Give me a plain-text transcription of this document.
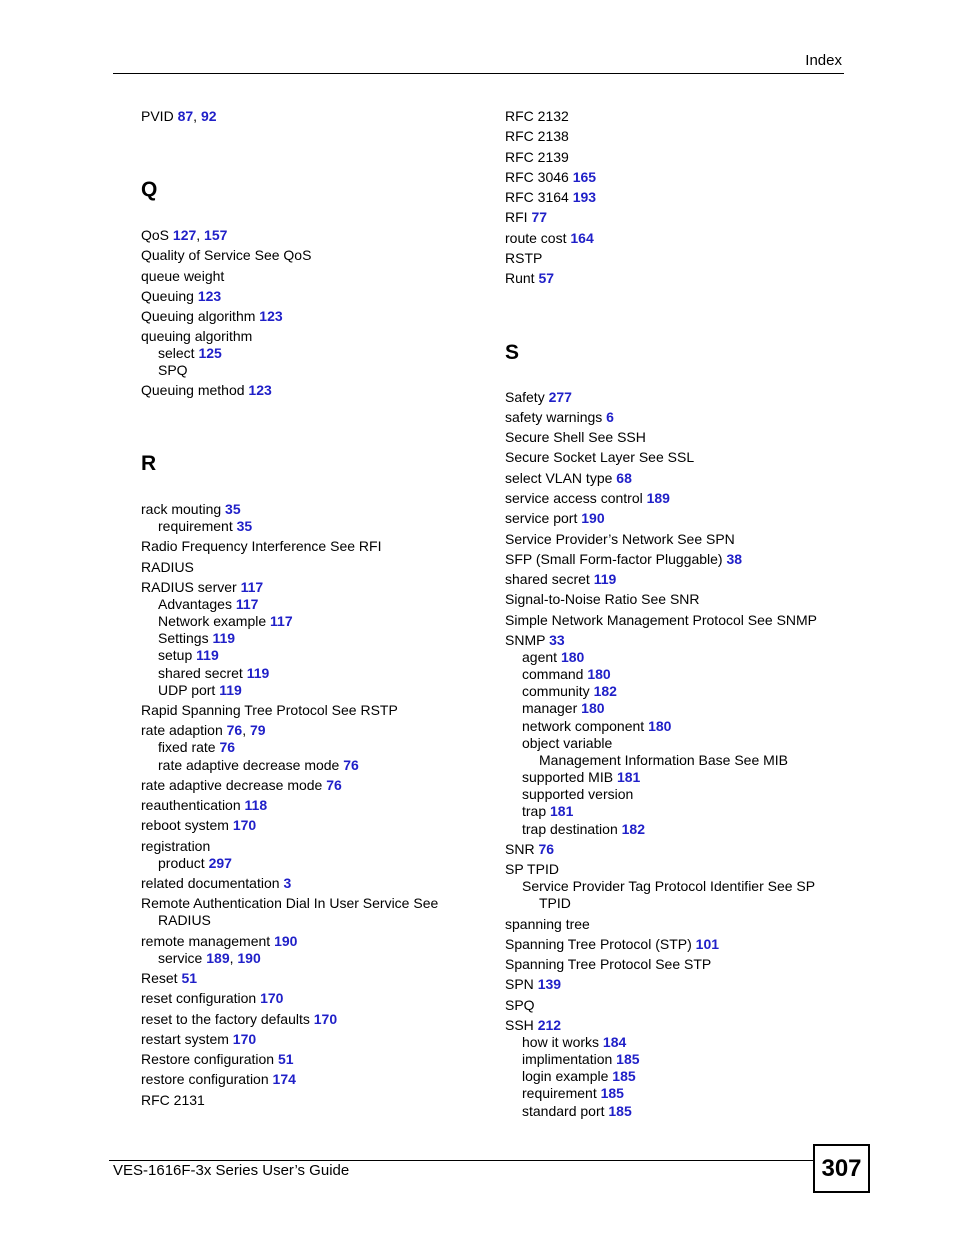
Index
PVID 87, 92
Q
QoS 127, 157
Quality of Service See QoS
queue weight
Queuing 123
Queuing algorithm 123
queuing algorithm
select 125
SPQ
Queuing method 123
R
rack mouting 35
requirement 35
Radio Frequency Interference See RFI
RADIUS
RADIUS server 117
Advantages 117
Network example 117
Settings 119
setup 119
shared secret 119
UDP port 119
Rapid Spanning Tree Protocol See RSTP
rate adaption 76, 79
fixed rate 76
rate adaptive decrease mode 76
rate adaptive decrease mode 76
reauthentication 118
reboot system 170
registration
product 297
related documentation 3
Remote Authentication Dial In User Service See
RADIUS
remote management 190
service 189, 190
Reset 51
reset configuration 170
reset to the factory defaults 170
restart system 170
Restore configuration 51
restore configuration 174
RFC 2131
RFC 2132
RFC 2138
RFC 2139
RFC 3046 165
RFC 3164 193
RFI 77
route cost 164
RSTP
Runt 57
S
Safety 277
safety warnings 6
Secure Shell See SSH
Secure Socket Layer See SSL
select VLAN type 68
service access control 189
service port 190
Service Provider’s Network See SPN
SFP (Small Form-factor Pluggable) 38
shared secret 119
Signal-to-Noise Ratio See SNR
Simple Network Management Protocol See SNMP
SNMP 33
agent 180
command 180
community 182
manager 180
network component 180
object variable
Management Information Base See MIB
supported MIB 181
supported version
trap 181
trap destination 182
SNR 76
SP TPID
Service Provider Tag Protocol Identifier See SP
TPID
spanning tree
Spanning Tree Protocol (STP) 101
Spanning Tree Protocol See STP
SPN 139
SPQ
SSH 212
how it works 184
implimentation 185
login example 185
requirement 185
standard port 185
VES-1616F-3x Series User’s Guide	307
